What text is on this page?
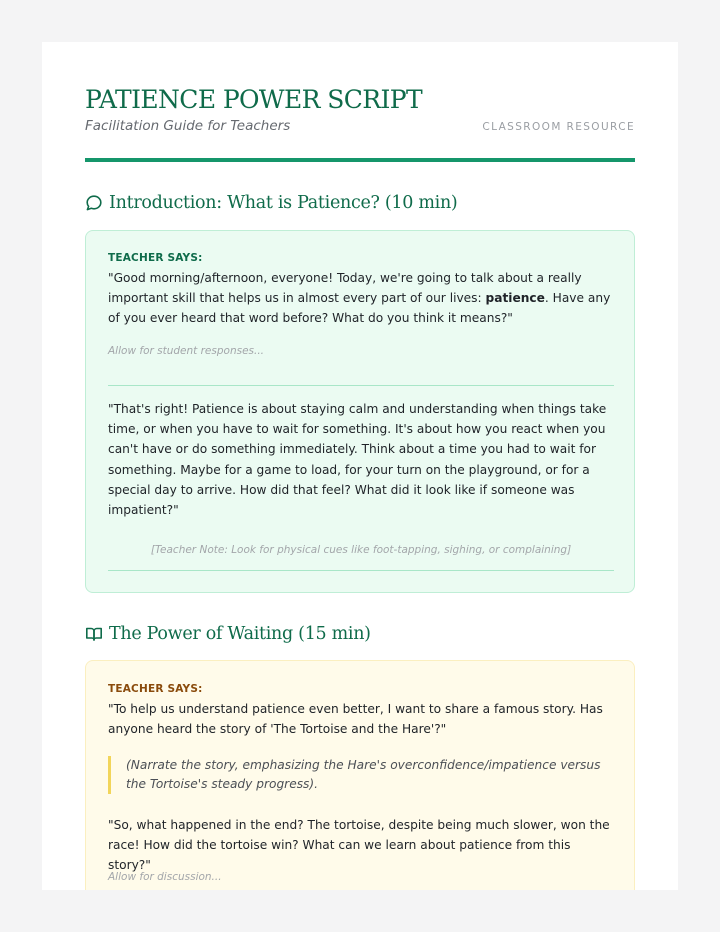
PATIENCE POWER SCRIPT
Facilitation Guide for Teachers	CLASSROOM RESOURCE
Introduction: What is Patience? (10 min)
TEACHER SAYS:

"Good morning/afternoon, everyone! Today, we're going to talk about a really important skill that helps us in almost every part of our lives: patience. Have any of you ever heard that word before? What do you think it means?"

Allow for student responses...

"That's right! Patience is about staying calm and understanding when things take time, or when you have to wait for something. It's about how you react when you can't have or do something immediately. Think about a time you had to wait for something. Maybe for a game to load, for your turn on the playground, or for a special day to arrive. How did that feel? What did it look like if someone was impatient?"

[Teacher Note: Look for physical cues like foot-tapping, sighing, or complaining]
The Power of Waiting (15 min)
TEACHER SAYS:

"To help us understand patience even better, I want to share a famous story. Has anyone heard the story of 'The Tortoise and the Hare'?"

(Narrate the story, emphasizing the Hare's overconfidence/impatience versus the Tortoise's steady progress).

"So, what happened in the end? The tortoise, despite being much slower, won the race! How did the tortoise win? What can we learn about patience from this story?"

Allow for discussion...
